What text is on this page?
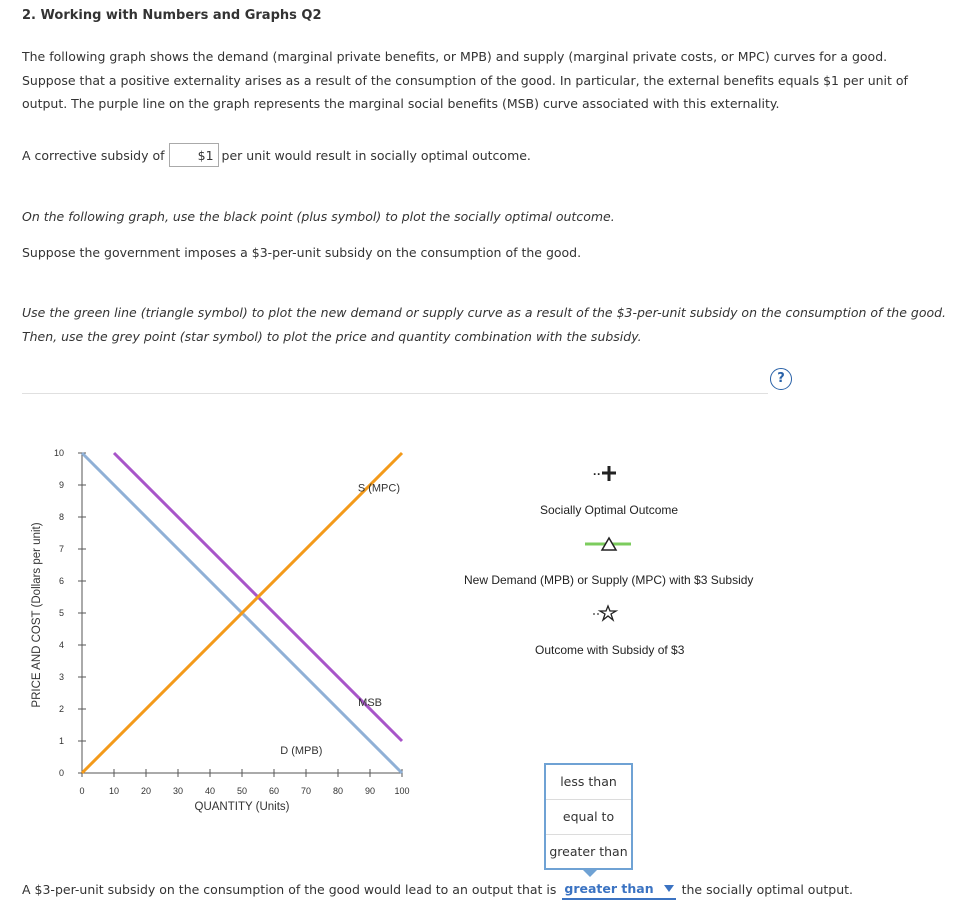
2. Working with Numbers and Graphs Q2
The following graph shows the demand (marginal private benefits, or MPB) and supply (marginal private costs, or MPC) curves for a good. Suppose that a positive externality arises as a result of the consumption of the good. In particular, the external benefits equals $1 per unit of output. The purple line on the graph represents the marginal social benefits (MSB) curve associated with this externality.
A corrective subsidy of	$1 per unit would result in socially optimal outcome.
On the following graph, use the black point (plus symbol) to plot the socially optimal outcome.
Suppose the government imposes a $3-per-unit subsidy on the consumption of the good.
Use the green line (triangle symbol) to plot the new demand or supply curve as a result of the $3-per-unit subsidy on the consumption of the good.
Then, use the grey point (star symbol) to plot the price and quantity combination with the subsidy.
?
PRICE AND COST (Dollars per unit)
QUANTITY (Units)
0	10 20 30 40 50 60 70 80 90 100
0
1
2
3
4
5
6
7
8
9
10
D (MPB)
MSB
S (MPC)
··
Socially Optimal Outcome
New Demand (MPB) or Supply (MPC) with $3 Subsidy
Outcome with Subsidy of $3
less than
equal to
greater than
A $3-per-unit subsidy on the consumption of the good would lead to an output that is greater than the socially optimal output.
